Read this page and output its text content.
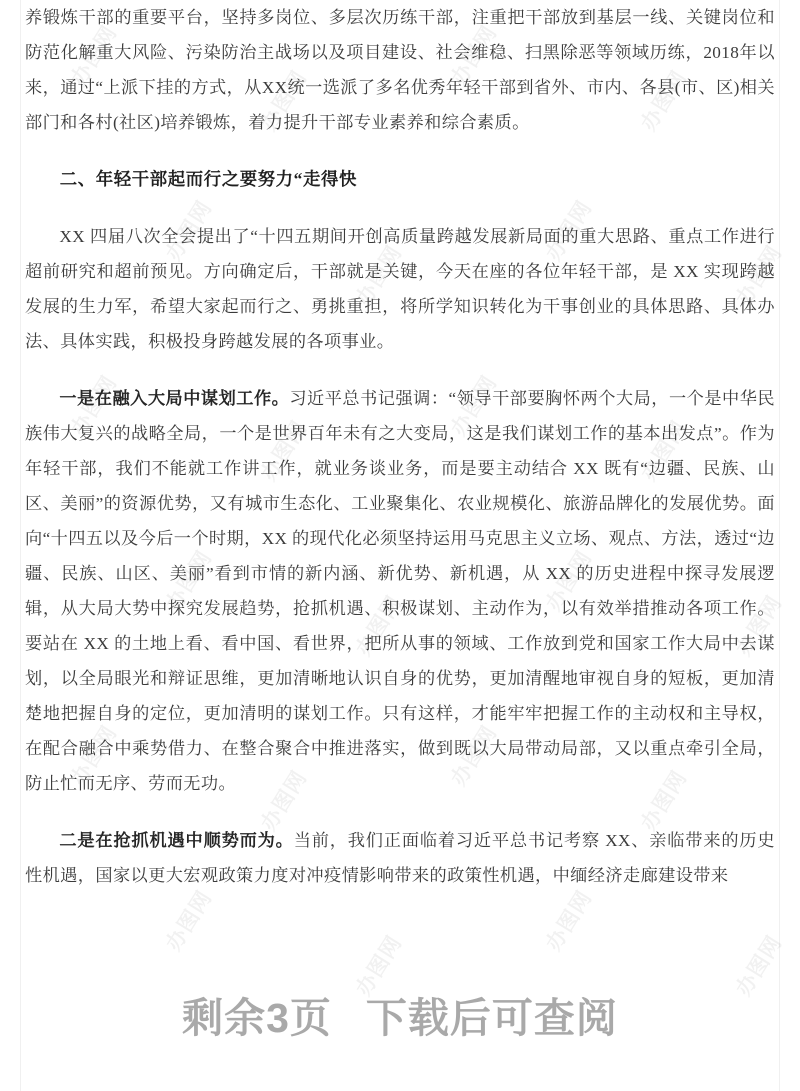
办图网
办图网
办图网
办图网
办图网
办图网
办图网
办图网
办图网
办图网
办图网
办图网
办图网
办图网
办图网
办图网
办图网
办图网
办图网
办图网
办图网
办图网
办图网
办图网

养锻炼干部的重要平台，坚持多岗位、多层次历练干部，注重把干部放到基层一线、关键岗位和防范化解重大风险、污染防治主战场以及项目建设、社会维稳、扫黑除恶等领域历练，2018年以来，通过“上派下挂的方式，从XX统一选派了多名优秀年轻干部到省外、市内、各县(市、区)相关部门和各村(社区)培养锻炼，着力提升干部专业素养和综合素质。

二、年轻干部起而行之要努力“走得快

XX 四届八次全会提出了“十四五期间开创高质量跨越发展新局面的重大思路、重点工作进行超前研究和超前预见。方向确定后，干部就是关键，今天在座的各位年轻干部，是 XX 实现跨越发展的生力军，希望大家起而行之、勇挑重担，将所学知识转化为干事创业的具体思路、具体办法、具体实践，积极投身跨越发展的各项事业。

一是在融入大局中谋划工作。习近平总书记强调：“领导干部要胸怀两个大局，一个是中华民族伟大复兴的战略全局，一个是世界百年未有之大变局，这是我们谋划工作的基本出发点”。作为年轻干部，我们不能就工作讲工作，就业务谈业务，而是要主动结合 XX 既有“边疆、民族、山区、美丽”的资源优势，又有城市生态化、工业聚集化、农业规模化、旅游品牌化的发展优势。面向“十四五以及今后一个时期，XX 的现代化必须坚持运用马克思主义立场、观点、方法，透过“边疆、民族、山区、美丽”看到市情的新内涵、新优势、新机遇，从 XX 的历史进程中探寻发展逻辑，从大局大势中探究发展趋势，抢抓机遇、积极谋划、主动作为，以有效举措推动各项工作。要站在 XX 的土地上看、看中国、看世界，把所从事的领域、工作放到党和国家工作大局中去谋划，以全局眼光和辩证思维，更加清晰地认识自身的优势，更加清醒地审视自身的短板，更加清楚地把握自身的定位，更加清明的谋划工作。只有这样，才能牢牢把握工作的主动权和主导权，在配合融合中乘势借力、在整合聚合中推进落实，做到既以大局带动局部，又以重点牵引全局，防止忙而无序、劳而无功。

二是在抢抓机遇中顺势而为。当前，我们正面临着习近平总书记考察 XX、亲临带来的历史性机遇，国家以更大宏观政策力度对冲疫情影响带来的政策性机遇，中缅经济走廊建设带来

剩余3页 下载后可查阅
